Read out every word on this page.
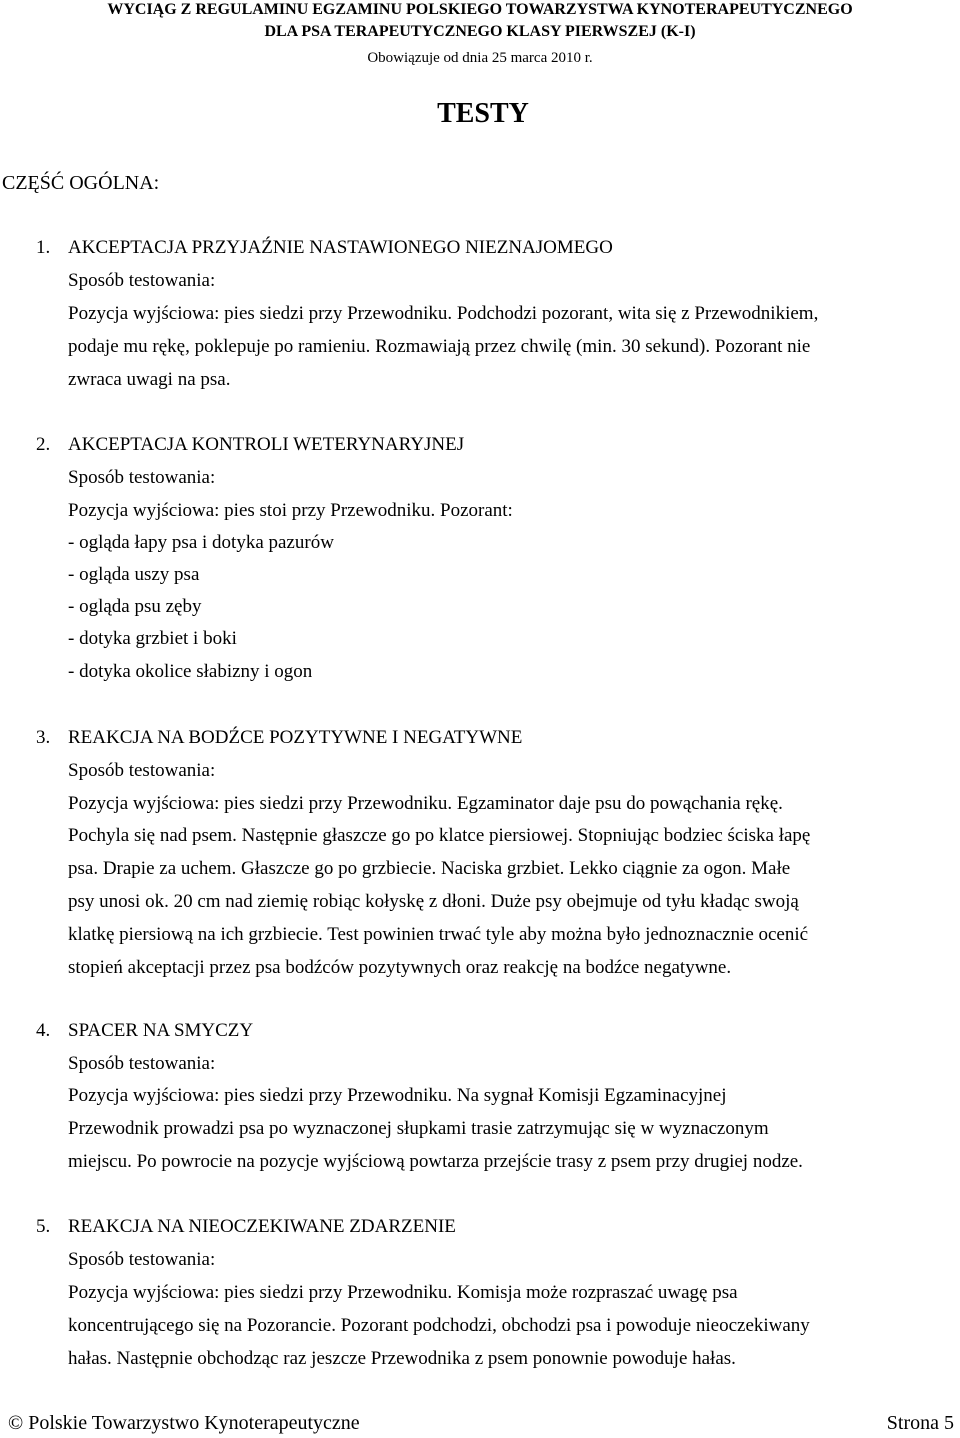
WYCIĄG Z REGULAMINU EGZAMINU POLSKIEGO TOWARZYSTWA KYNOTERAPEUTYCZNEGO
DLA PSA TERAPEUTYCZNEGO KLASY PIERWSZEJ (K-I)
Obowiązuje od dnia 25 marca 2010 r.
TESTY
CZĘŚĆ OGÓLNA:
1. AKCEPTACJA PRZYJAŹNIE NASTAWIONEGO NIEZNAJOMEGO
Sposób testowania:
Pozycja wyjściowa: pies siedzi przy Przewodniku. Podchodzi pozorant, wita się z Przewodnikiem,
podaje mu rękę, poklepuje po ramieniu. Rozmawiają przez chwilę (min. 30 sekund). Pozorant nie
zwraca uwagi na psa.
2. AKCEPTACJA KONTROLI WETERYNARYJNEJ
Sposób testowania:
Pozycja wyjściowa: pies stoi przy Przewodniku. Pozorant:
- ogląda łapy psa i dotyka pazurów
- ogląda uszy psa
- ogląda psu zęby
- dotyka grzbiet i boki
- dotyka okolice słabizny i ogon
3. REAKCJA NA BODŹCE POZYTYWNE I NEGATYWNE
Sposób testowania:
Pozycja wyjściowa: pies siedzi przy Przewodniku. Egzaminator daje psu do powąchania rękę.
Pochyla się nad psem. Następnie głaszcze go po klatce piersiowej. Stopniując bodziec ściska łapę
psa. Drapie za uchem. Głaszcze go po grzbiecie. Naciska grzbiet. Lekko ciągnie za ogon. Małe
psy unosi ok. 20 cm nad ziemię robiąc kołyskę z dłoni. Duże psy obejmuje od tyłu kładąc swoją
klatkę piersiową na ich grzbiecie. Test powinien trwać tyle aby można było jednoznacznie ocenić
stopień akceptacji przez psa bodźców pozytywnych oraz reakcję na bodźce negatywne.
4. SPACER NA SMYCZY
Sposób testowania:
Pozycja wyjściowa: pies siedzi przy Przewodniku. Na sygnał Komisji Egzaminacyjnej
Przewodnik prowadzi psa po wyznaczonej słupkami trasie zatrzymując się w wyznaczonym
miejscu. Po powrocie na pozycje wyjściową powtarza przejście trasy z psem przy drugiej nodze.
5. REAKCJA NA NIEOCZEKIWANE ZDARZENIE
Sposób testowania:
Pozycja wyjściowa: pies siedzi przy Przewodniku. Komisja może rozpraszać uwagę psa
koncentrującego się na Pozorancie. Pozorant podchodzi, obchodzi psa i powoduje nieoczekiwany
hałas. Następnie obchodząc raz jeszcze Przewodnika z psem ponownie powoduje hałas.
© Polskie Towarzystwo Kynoterapeutyczne	Strona 5
